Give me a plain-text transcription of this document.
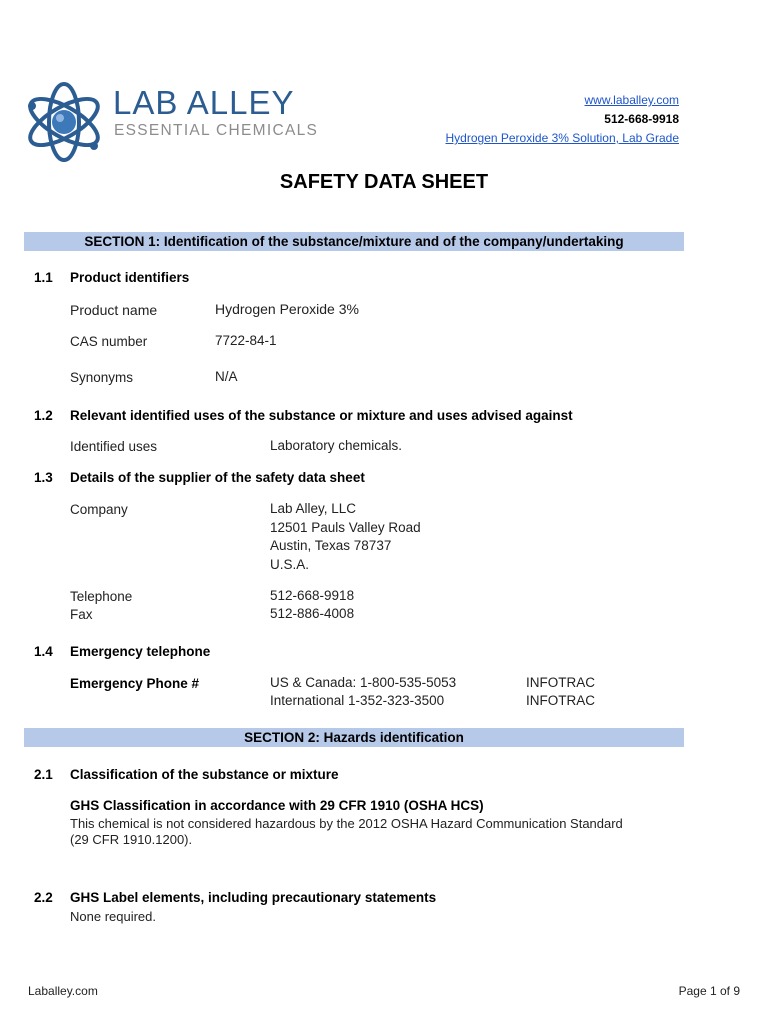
LAB ALLEY
ESSENTIAL CHEMICALS
www.laballey.com
512-668-9918
Hydrogen Peroxide 3% Solution, Lab Grade
SAFETY DATA SHEET
SECTION 1: Identification of the substance/mixture and of the company/undertaking
1.1 Product identifiers
Product name	Hydrogen Peroxide 3%
CAS number	7722-84-1
Synonyms	N/A
1.2 Relevant identified uses of the substance or mixture and uses advised against
Identified uses	Laboratory chemicals.
1.3 Details of the supplier of the safety data sheet
Company	Lab Alley, LLC
12501 Pauls Valley Road
Austin, Texas 78737
U.S.A.
Telephone	512-668-9918
Fax	512-886-4008
1.4 Emergency telephone
Emergency Phone #	US & Canada: 1-800-535-5053	INFOTRAC
International 1-352-323-3500	INFOTRAC
SECTION 2: Hazards identification
2.1 Classification of the substance or mixture
GHS Classification in accordance with 29 CFR 1910 (OSHA HCS)
This chemical is not considered hazardous by the 2012 OSHA Hazard Communication Standard (29 CFR 1910.1200).
2.2 GHS Label elements, including precautionary statements
None required.
Laballey.com	Page 1 of 9
